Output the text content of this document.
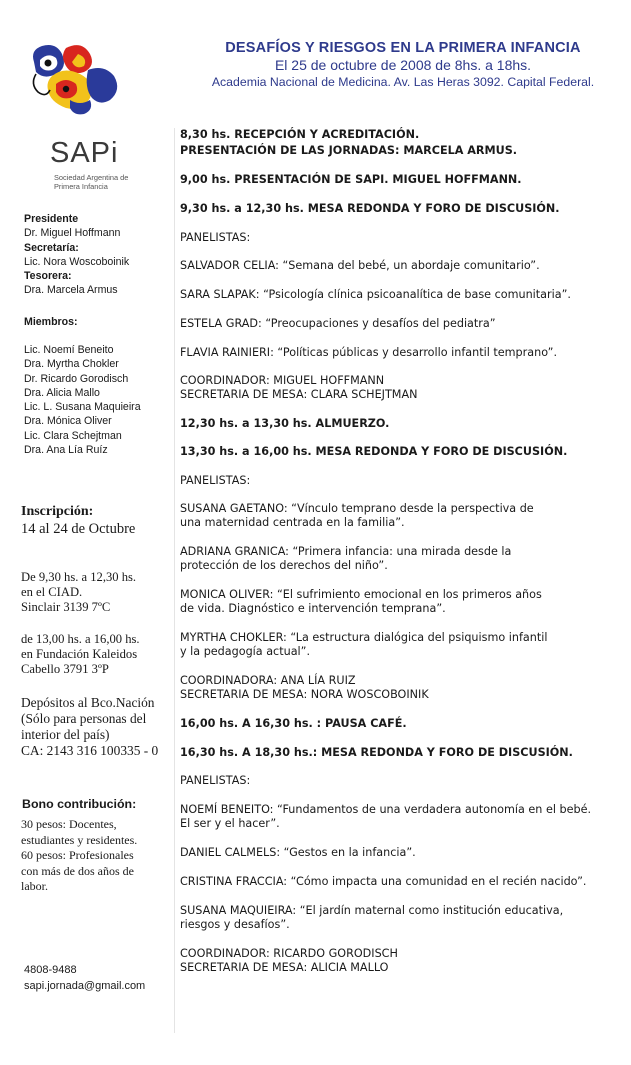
DESAFÍOS Y RIESGOS EN LA PRIMERA INFANCIA
El 25 de octubre de 2008 de 8hs. a 18hs.
Academia Nacional de Medicina. Av. Las Heras 3092. Capital Federal.
SAPi
Sociedad Argentina de
Primera Infancia
Presidente
Dr. Miguel Hoffmann
Secretaría:
Lic. Nora Woscoboinik
Tesorera:
Dra. Marcela Armus
Miembros:
Lic. Noemí Beneito
Dra. Myrtha Chokler
Dr. Ricardo Gorodisch
Dra. Alicia Mallo
Lic. L. Susana Maquieira
Dra. Mónica Oliver
Lic. Clara Schejtman
Dra. Ana Lía Ruíz
Inscripción:
14 al 24 de Octubre
De 9,30 hs. a 12,30 hs.
en el CIAD.
Sinclair 3139 7ºC
de 13,00 hs. a 16,00 hs.
en Fundación Kaleidos
Cabello 3791 3ºP
Depósitos al Bco.Nación
(Sólo para personas del
interior del país)
CA: 2143 316 100335 - 0
Bono contribución:
30 pesos: Docentes,
estudiantes y residentes.
60 pesos: Profesionales
con más de dos años de
labor.
4808-9488
sapi.jornada@gmail.com
8,30 hs. RECEPCIÓN Y ACREDITACIÓN.
PRESENTACIÓN DE LAS JORNADAS: MARCELA ARMUS.
9,00 hs. PRESENTACIÓN DE SAPI. MIGUEL HOFFMANN.
9,30 hs. a 12,30 hs. MESA REDONDA Y FORO DE DISCUSIÓN.
PANELISTAS:
SALVADOR CELIA: “Semana del bebé, un abordaje comunitario”.
SARA SLAPAK: “Psicología clínica psicoanalítica de base comunitaria”.
ESTELA GRAD: “Preocupaciones y desafíos del pediatra”
FLAVIA RAINIERI: “Políticas públicas y desarrollo infantil temprano”.
COORDINADOR: MIGUEL HOFFMANN
SECRETARIA DE MESA: CLARA SCHEJTMAN
12,30 hs. a 13,30 hs. ALMUERZO.
13,30 hs. a 16,00 hs. MESA REDONDA Y FORO DE DISCUSIÓN.
PANELISTAS:
SUSANA GAETANO: “Vínculo temprano desde la perspectiva de
una maternidad centrada en la familia”.
ADRIANA GRANICA: “Primera infancia: una mirada desde la
protección de los derechos del niño”.
MONICA OLIVER: “El sufrimiento emocional en los primeros años
de vida. Diagnóstico e intervención temprana”.
MYRTHA CHOKLER: “La estructura dialógica del psiquismo infantil
y la pedagogía actual”.
COORDINADORA: ANA LÍA RUIZ
SECRETARIA DE MESA: NORA WOSCOBOINIK
16,00 hs. A 16,30 hs. : PAUSA CAFÉ.
16,30 hs. A 18,30 hs.: MESA REDONDA Y FORO DE DISCUSIÓN.
PANELISTAS:
NOEMÍ BENEITO: “Fundamentos de una verdadera autonomía en el bebé.
El ser y el hacer”.
DANIEL CALMELS: “Gestos en la infancia”.
CRISTINA FRACCIA: “Cómo impacta una comunidad en el recién nacido”.
SUSANA MAQUIEIRA: “El jardín maternal como institución educativa,
riesgos y desafíos”.
COORDINADOR: RICARDO GORODISCH
SECRETARIA DE MESA: ALICIA MALLO
